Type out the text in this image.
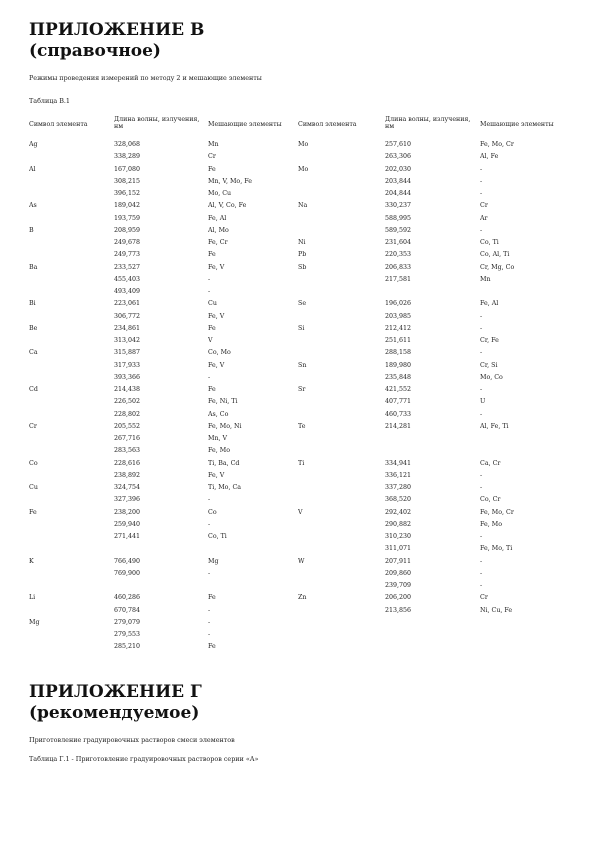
ПРИЛОЖЕНИЕ В
(справочное)
Режимы проведения измерений по методу 2 и мешающие элементы
Таблица В.1
Символ элемента	Длина волны, излучения, нм	Мешающие элементы	Символ элемента	Длина волны, излучения, нм	Мешающие элементы
Ag	328,068	Mn	Mo	257,610	Fe, Mo, Cr
	338,289	Cr		263,306	Al, Fe
Al	167,080	Fe	Mo	202,030	-
	308,215	Mn, V, Mo, Fe		203,844	-
	396,152	Mo, Cu		204,844	-
As	189,042	Al, V, Co, Fe	Na	330,237	Cr
	193,759	Fe, Al		588,995	Ar
B	208,959	Al, Mo		589,592	-
	249,678	Fe, Cr	Ni	231,604	Co, Ti
	249,773	Fe	Pb	220,353	Co, Al, Ti
Ba	233,527	Fe, V	Sb	206,833	Cr, Mg, Co
	455,403	-		217,581	Mn
	493,409	-			
Bi	223,061	Cu	Se	196,026	Fe, Al
	306,772	Fe, V		203,985	-
Be	234,861	Fe	Si	212,412	-
	313,042	V		251,611	Cr, Fe
Ca	315,887	Co, Mo		288,158	-
	317,933	Fe, V	Sn	189,980	Cr, Si
	393,366	-		235,848	Mo, Co
Cd	214,438	Fe	Sr	421,552	-
	226,502	Fe, Ni, Ti		407,771	U
	228,802	As, Co		460,733	-
Cr	205,552	Fe, Mo, Ni	Te	214,281	Al, Fe, Ti
	267,716	Mn, V			
	283,563	Fe, Mo			
Co	228,616	Ti, Ba, Cd	Ti	334,941	Ca, Cr
	238,892	Fe, V		336,121	-
Cu	324,754	Ti, Mo, Ca		337,280	-
	327,396	-		368,520	Co, Cr
Fe	238,200	Co	V	292,402	Fe, Mo, Cr
	259,940	-		290,882	Fe, Mo
	271,441	Co, Ti		310,230	-
				311,071	Fe, Mo, Ti
K	766,490	Mg	W	207,911	-
	769,900	-		209,860	-
				239,709	-
Li	460,286	Fe	Zn	206,200	Cr
	670,784	-		213,856	Ni, Cu, Fe
Mg	279,079	-			
	279,553	-			
	285,210	Fe			
ПРИЛОЖЕНИЕ Г
(рекомендуемое)
Приготовление градуировочных растворов смеси элементов
Таблица Г.1 - Приготовление градуировочных растворов серии «А»
